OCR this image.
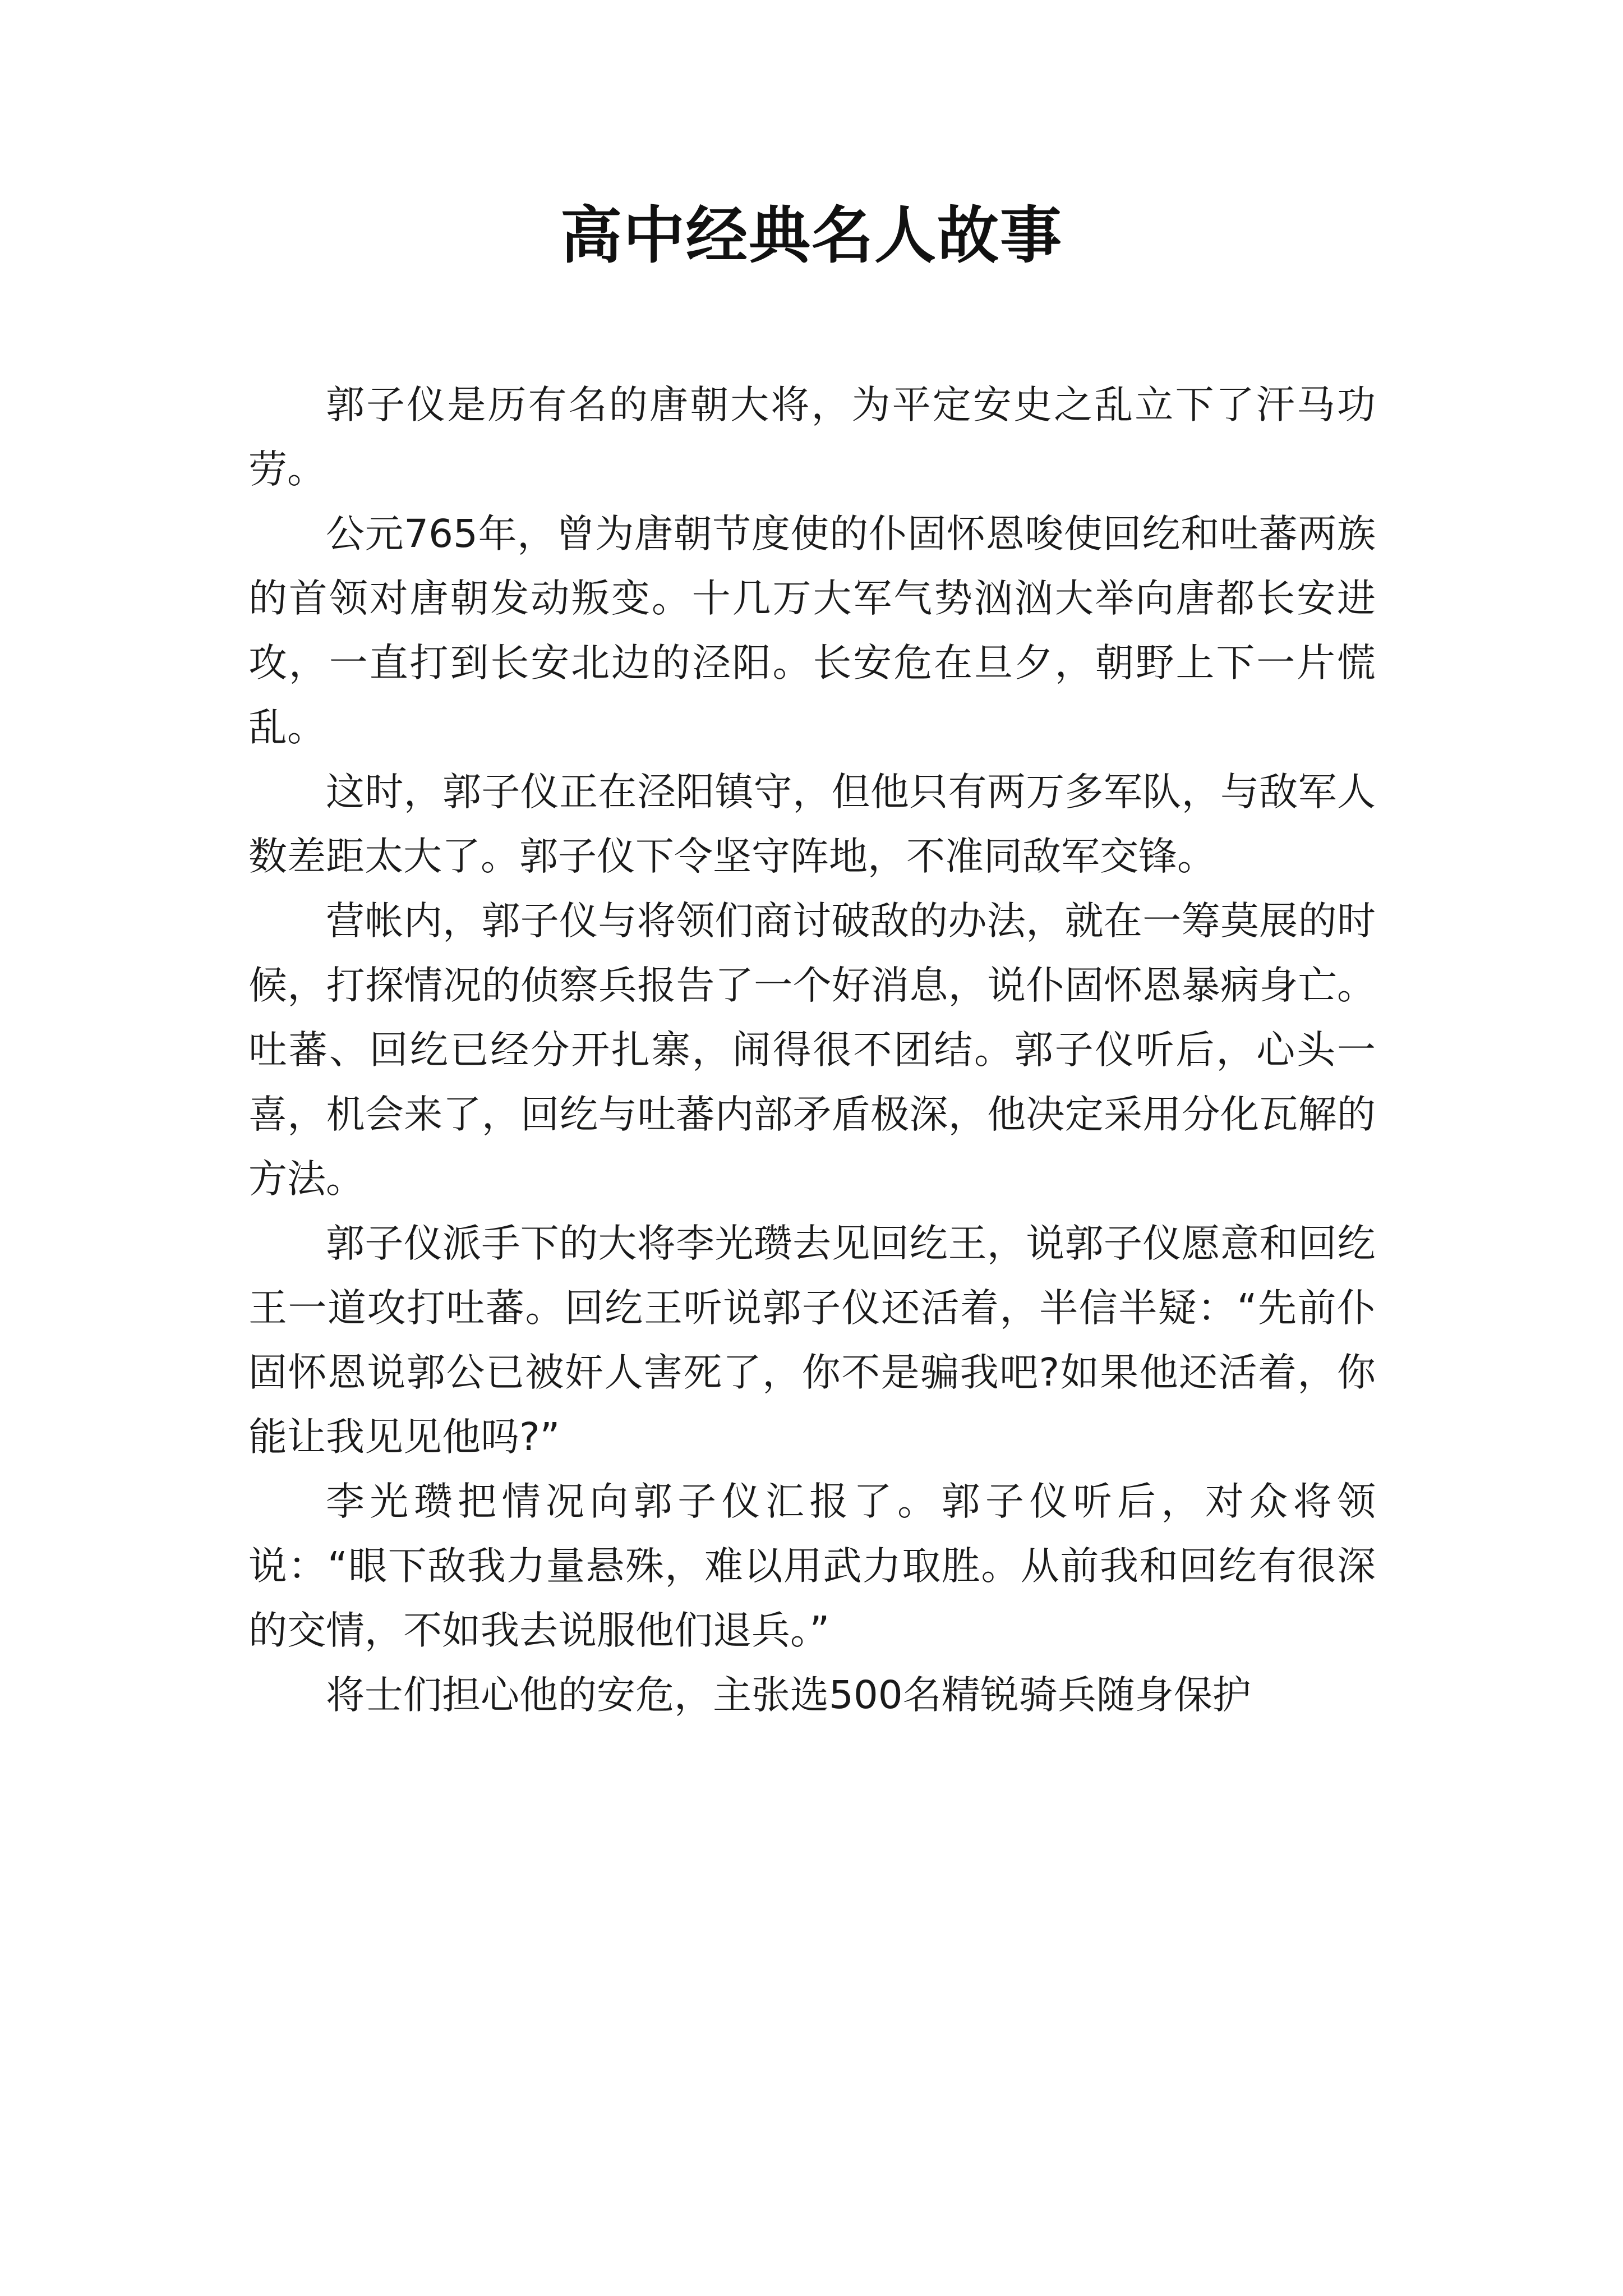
高中经典名人故事

郭子仪是历有名的唐朝大将，为平定安史之乱立下了汗马功劳。

公元765年，曾为唐朝节度使的仆固怀恩唆使回纥和吐蕃两族的首领对唐朝发动叛变。十几万大军气势汹汹大举向唐都长安进攻，一直打到长安北边的泾阳。长安危在旦夕，朝野上下一片慌乱。

这时，郭子仪正在泾阳镇守，但他只有两万多军队，与敌军人数差距太大了。郭子仪下令坚守阵地，不准同敌军交锋。

营帐内，郭子仪与将领们商讨破敌的办法，就在一筹莫展的时候，打探情况的侦察兵报告了一个好消息，说仆固怀恩暴病身亡。吐蕃、回纥已经分开扎寨，闹得很不团结。郭子仪听后，心头一喜，机会来了，回纥与吐蕃内部矛盾极深，他决定采用分化瓦解的方法。

郭子仪派手下的大将李光瓒去见回纥王，说郭子仪愿意和回纥王一道攻打吐蕃。回纥王听说郭子仪还活着，半信半疑：“先前仆固怀恩说郭公已被奸人害死了，你不是骗我吧?如果他还活着，你能让我见见他吗?”

李光瓒把情况向郭子仪汇报了。郭子仪听后，对众将领说：“眼下敌我力量悬殊，难以用武力取胜。从前我和回纥有很深的交情，不如我去说服他们退兵。”

将士们担心他的安危，主张选500名精锐骑兵随身保护
